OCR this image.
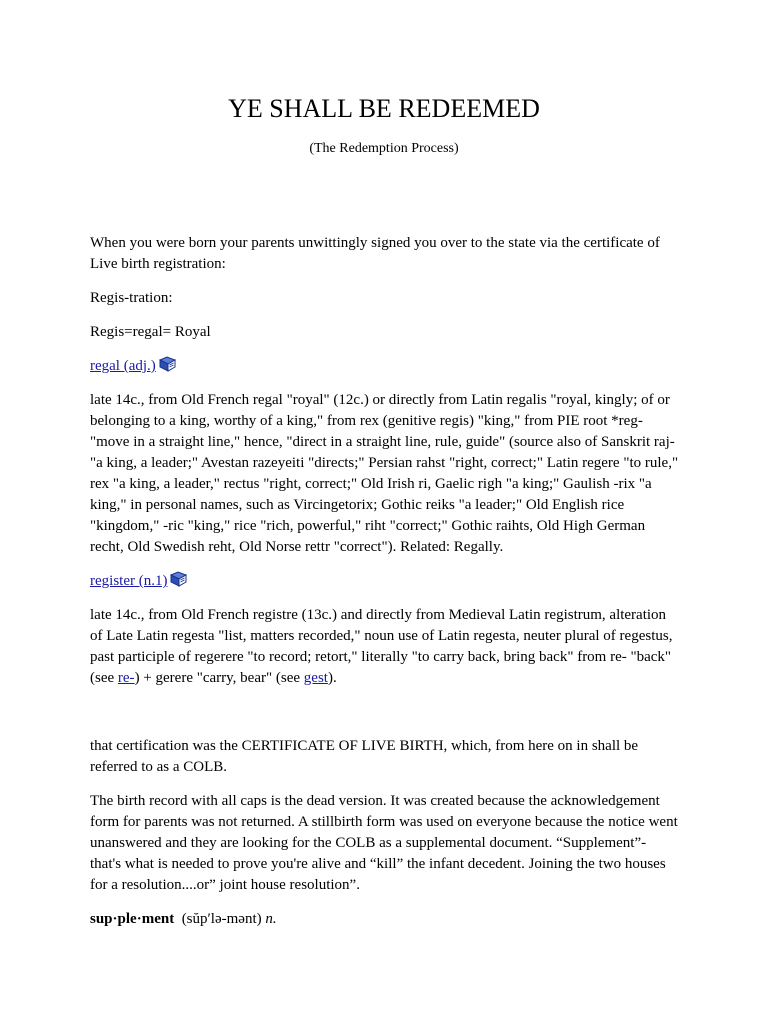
YE SHALL BE REDEEMED

(The Redemption Process)

When you were born your parents unwittingly signed you over to the state via the certificate of Live birth registration:

Regis-tration:

Regis=regal= Royal

regal (adj.)

late 14c., from Old French regal "royal" (12c.) or directly from Latin regalis "royal, kingly; of or belonging to a king, worthy of a king," from rex (genitive regis) "king," from PIE root *reg- "move in a straight line," hence, "direct in a straight line, rule, guide" (source also of Sanskrit raj- "a king, a leader;" Avestan razeyeiti "directs;" Persian rahst "right, correct;" Latin regere "to rule," rex "a king, a leader," rectus "right, correct;" Old Irish ri, Gaelic righ "a king;" Gaulish -rix "a king," in personal names, such as Vircingetorix; Gothic reiks "a leader;" Old English rice "kingdom," -ric "king," rice "rich, powerful," riht "correct;" Gothic raihts, Old High German recht, Old Swedish reht, Old Norse rettr "correct"). Related: Regally.

register (n.1)

late 14c., from Old French registre (13c.) and directly from Medieval Latin registrum, alteration of Late Latin regesta "list, matters recorded," noun use of Latin regesta, neuter plural of regestus, past participle of regerere "to record; retort," literally "to carry back, bring back" from re- "back" (see re-) + gerere "carry, bear" (see gest).

that certification was the CERTIFICATE OF LIVE BIRTH, which, from here on in shall be referred to as a COLB.

The birth record with all caps is the dead version. It was created because the acknowledgement form for parents was not returned. A stillbirth form was used on everyone because the notice went unanswered and they are looking for the COLB as a supplemental document. “Supplement”- that's what is needed to prove you're alive and “kill” the infant decedent. Joining the two houses for a resolution....or” joint house resolution”.

sup·ple·ment (sŭp′lə-mənt) n.
